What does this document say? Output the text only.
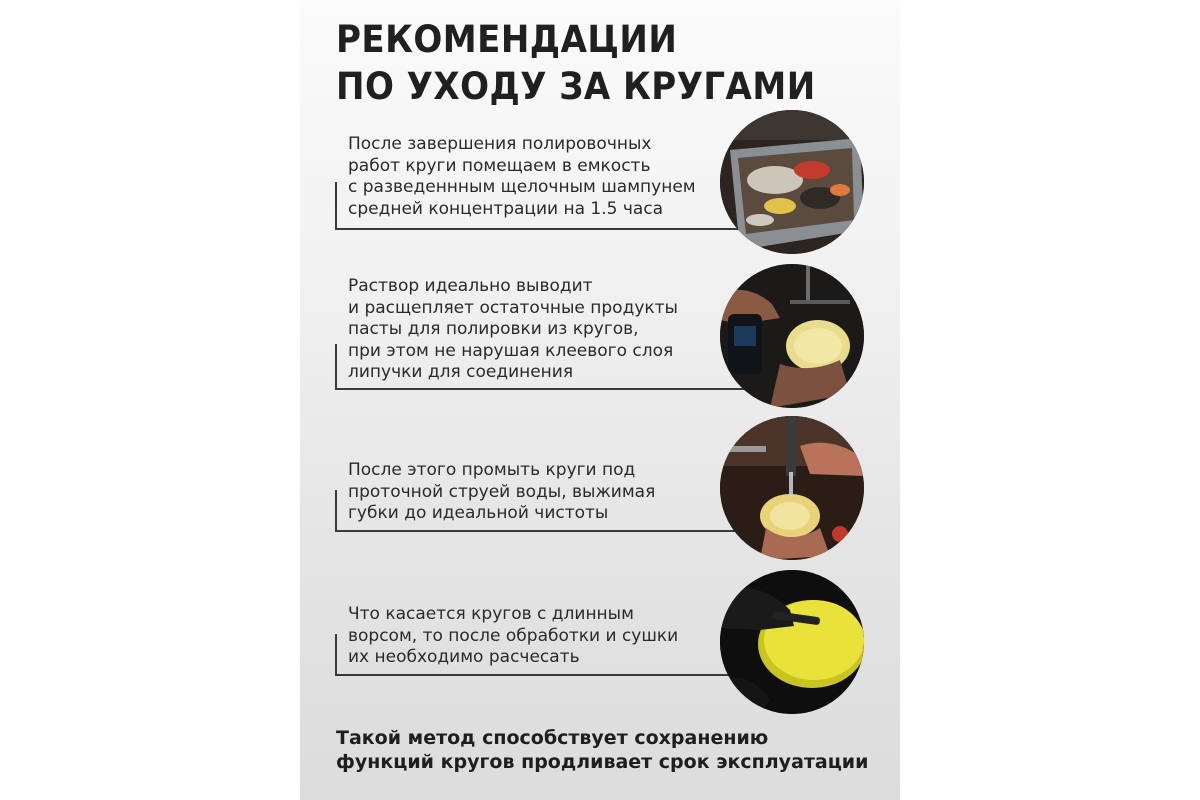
РЕКОМЕНДАЦИИ
ПО УХОДУ ЗА КРУГАМИ

После завершения полировочных
работ круги помещаем в емкость
с разведеннным щелочным шампунем
средней концентрации на 1.5 часа

Раствор идеально выводит
и расщепляет остаточные продукты
пасты для полировки из кругов,
при этом не нарушая клеевого слоя
липучки для соединения

После этого промыть круги под
проточной струей воды, выжимая
губки до идеальной чистоты

Что касается кругов с длинным
ворсом, то после обработки и сушки
их необходимо расчесать

Такой метод способствует сохранению
функций кругов продливает срок эксплуатации
